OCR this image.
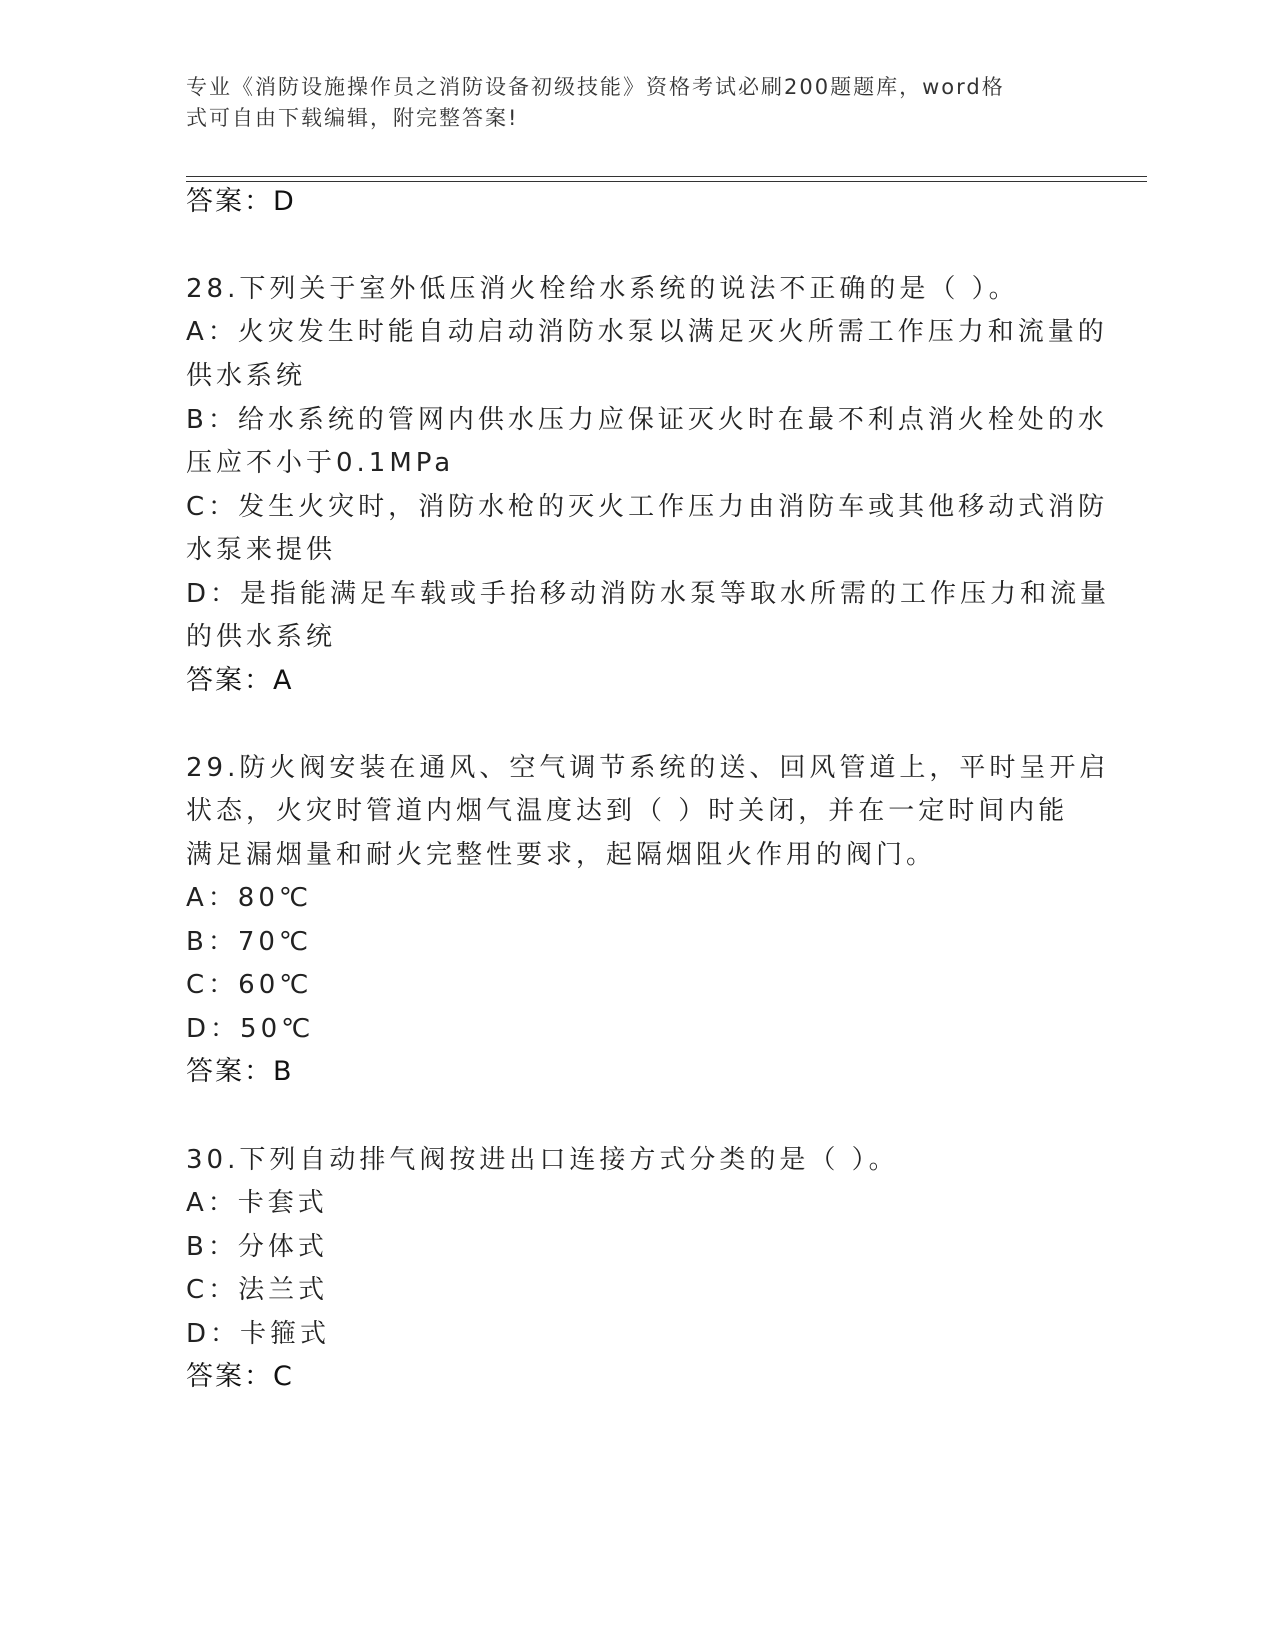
专业《消防设施操作员之消防设备初级技能》资格考试必刷200题题库，word格
式可自由下载编辑，附完整答案!
答案：D
28.下列关于室外低压消火栓给水系统的说法不正确的是（ ）。
A：火灾发生时能自动启动消防水泵以满足灭火所需工作压力和流量的
供水系统
B：给水系统的管网内供水压力应保证灭火时在最不利点消火栓处的水
压应不小于0.1MPa
C：发生火灾时，消防水枪的灭火工作压力由消防车或其他移动式消防
水泵来提供
D：是指能满足车载或手抬移动消防水泵等取水所需的工作压力和流量
的供水系统
答案：A
29.防火阀安装在通风、空气调节系统的送、回风管道上，平时呈开启
状态，火灾时管道内烟气温度达到（ ）时关闭，并在一定时间内能
满足漏烟量和耐火完整性要求，起隔烟阻火作用的阀门。
A：80℃
B：70℃
C：60℃
D：50℃
答案：B
30.下列自动排气阀按进出口连接方式分类的是（ ）。
A：卡套式
B：分体式
C：法兰式
D：卡箍式
答案：C
